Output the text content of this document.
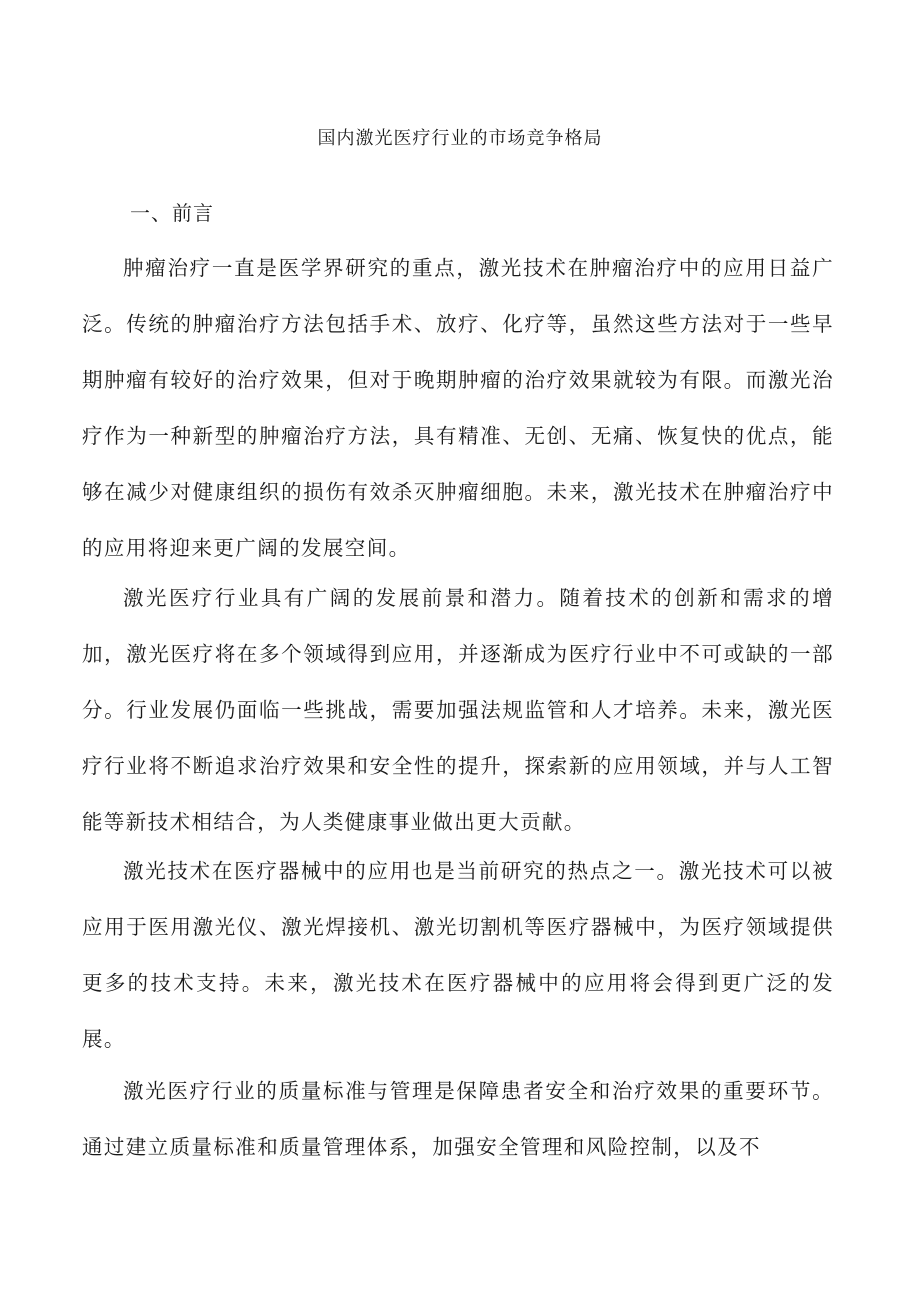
国内激光医疗行业的市场竞争格局
一、前言

肿瘤治疗一直是医学界研究的重点，激光技术在肿瘤治疗中的应用日益广泛。传统的肿瘤治疗方法包括手术、放疗、化疗等，虽然这些方法对于一些早期肿瘤有较好的治疗效果，但对于晚期肿瘤的治疗效果就较为有限。而激光治疗作为一种新型的肿瘤治疗方法，具有精准、无创、无痛、恢复快的优点，能够在减少对健康组织的损伤有效杀灭肿瘤细胞。未来，激光技术在肿瘤治疗中的应用将迎来更广阔的发展空间。

激光医疗行业具有广阔的发展前景和潜力。随着技术的创新和需求的增加，激光医疗将在多个领域得到应用，并逐渐成为医疗行业中不可或缺的一部分。行业发展仍面临一些挑战，需要加强法规监管和人才培养。未来，激光医疗行业将不断追求治疗效果和安全性的提升，探索新的应用领域，并与人工智能等新技术相结合，为人类健康事业做出更大贡献。

激光技术在医疗器械中的应用也是当前研究的热点之一。激光技术可以被应用于医用激光仪、激光焊接机、激光切割机等医疗器械中，为医疗领域提供更多的技术支持。未来，激光技术在医疗器械中的应用将会得到更广泛的发展。

激光医疗行业的质量标准与管理是保障患者安全和治疗效果的重要环节。通过建立质量标准和质量管理体系，加强安全管理和风险控制，以及不
